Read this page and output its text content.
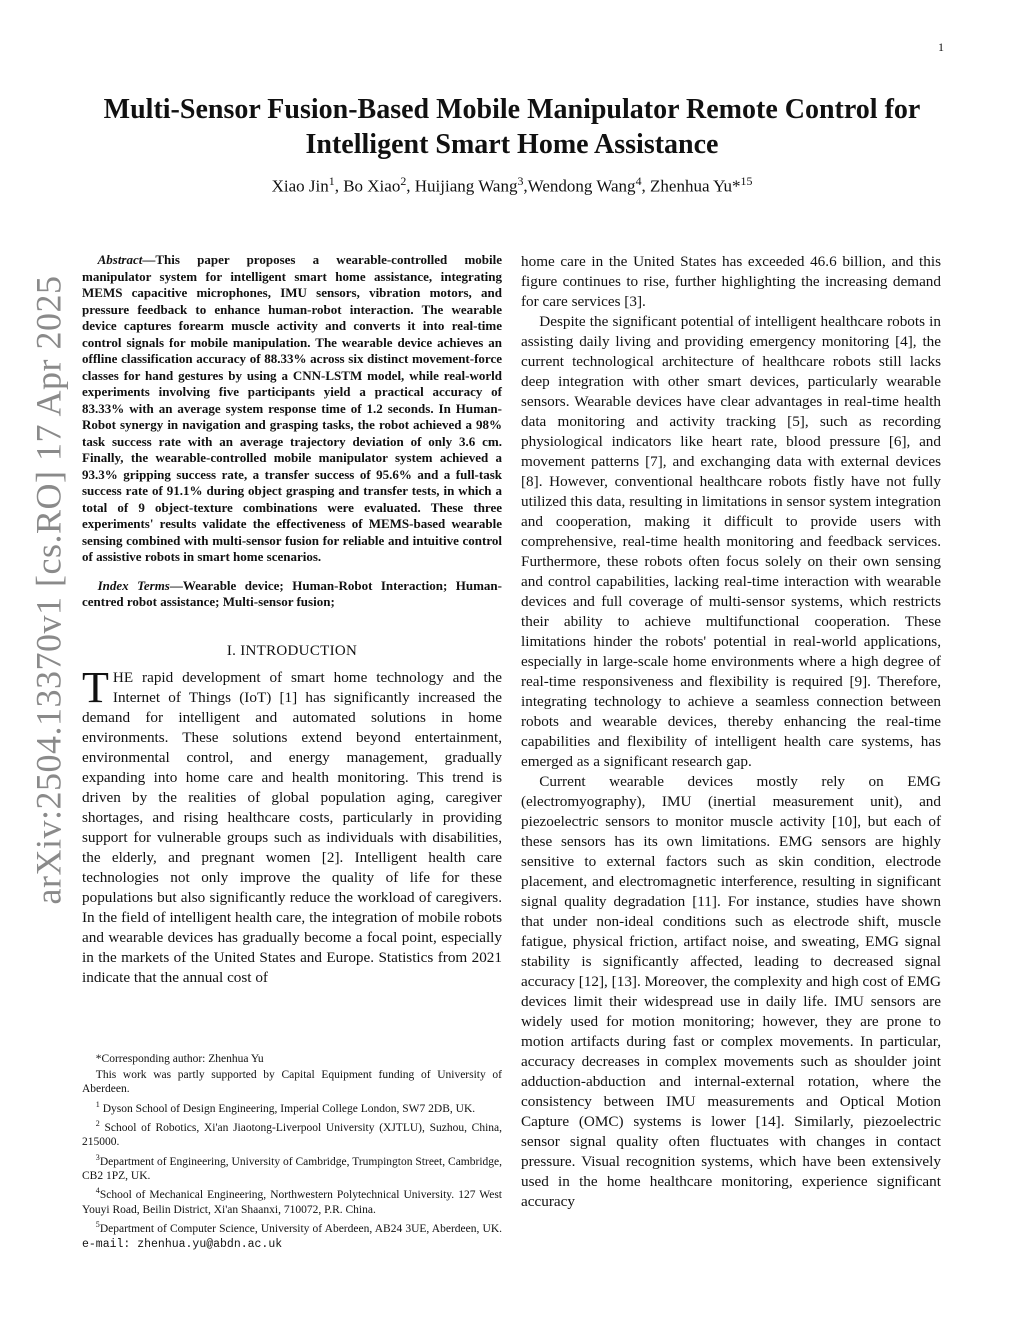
1
arXiv:2504.13370v1 [cs.RO] 17 Apr 2025
Multi-Sensor Fusion-Based Mobile Manipulator Remote Control for Intelligent Smart Home Assistance
Xiao Jin$^1$, Bo Xiao$^2$, Huijiang Wang$^3$,Wendong Wang$^4$, Zhenhua Yu*$^{15}$

Abstract—This paper proposes a wearable-controlled mobile manipulator system for intelligent smart home assistance, integrating MEMS capacitive microphones, IMU sensors, vibration motors, and pressure feedback to enhance human-robot interaction. The wearable device captures forearm muscle activity and converts it into real-time control signals for mobile manipulation. The wearable device achieves an offline classification accuracy of 88.33% across six distinct movement-force classes for hand gestures by using a CNN-LSTM model, while real-world experiments involving five participants yield a practical accuracy of 83.33% with an average system response time of 1.2 seconds. In Human-Robot synergy in navigation and grasping tasks, the robot achieved a 98% task success rate with an average trajectory deviation of only 3.6 cm. Finally, the wearable-controlled mobile manipulator system achieved a 93.3% gripping success rate, a transfer success of 95.6% and a full-task success rate of 91.1% during object grasping and transfer tests, in which a total of 9 object-texture combinations were evaluated. These three experiments' results validate the effectiveness of MEMS-based wearable sensing combined with multi-sensor fusion for reliable and intuitive control of assistive robots in smart home scenarios.

Index Terms—Wearable device; Human-Robot Interaction; Human-centred robot assistance; Multi-sensor fusion;

I. INTRODUCTION

THE rapid development of smart home technology and the Internet of Things (IoT) [1] has significantly increased the demand for intelligent and automated solutions in home environments. These solutions extend beyond entertainment, environmental control, and energy management, gradually expanding into home care and health monitoring. This trend is driven by the realities of global population aging, caregiver shortages, and rising healthcare costs, particularly in providing support for vulnerable groups such as individuals with disabilities, the elderly, and pregnant women [2]. Intelligent health care technologies not only improve the quality of life for these populations but also significantly reduce the workload of caregivers. In the field of intelligent health care, the integration of mobile robots and wearable devices has gradually become a focal point, especially in the markets of the United States and Europe. Statistics from 2021 indicate that the annual cost of

home care in the United States has exceeded 46.6 billion, and this figure continues to rise, further highlighting the increasing demand for care services [3].

Despite the significant potential of intelligent healthcare robots in assisting daily living and providing emergency monitoring [4], the current technological architecture of healthcare robots still lacks deep integration with other smart devices, particularly wearable sensors. Wearable devices have clear advantages in real-time health data monitoring and activity tracking [5], such as recording physiological indicators like heart rate, blood pressure [6], and movement patterns [7], and exchanging data with external devices [8]. However, conventional healthcare robots fistly have not fully utilized this data, resulting in limitations in sensor system integration and cooperation, making it difficult to provide users with comprehensive, real-time health monitoring and feedback services. Furthermore, these robots often focus solely on their own sensing and control capabilities, lacking real-time interaction with wearable devices and full coverage of multi-sensor systems, which restricts their ability to achieve multifunctional cooperation. These limitations hinder the robots' potential in real-world applications, especially in large-scale home environments where a high degree of real-time responsiveness and flexibility is required [9]. Therefore, integrating technology to achieve a seamless connection between robots and wearable devices, thereby enhancing the real-time capabilities and flexibility of intelligent health care systems, has emerged as a significant research gap.

Current wearable devices mostly rely on EMG (electromyography), IMU (inertial measurement unit), and piezoelectric sensors to monitor muscle activity [10], but each of these sensors has its own limitations. EMG sensors are highly sensitive to external factors such as skin condition, electrode placement, and electromagnetic interference, resulting in significant signal quality degradation [11]. For instance, studies have shown that under non-ideal conditions such as electrode shift, muscle fatigue, physical friction, artifact noise, and sweating, EMG signal stability is significantly affected, leading to decreased signal accuracy [12], [13]. Moreover, the complexity and high cost of EMG devices limit their widespread use in daily life. IMU sensors are widely used for motion monitoring; however, they are prone to motion artifacts during fast or complex movements. In particular, accuracy decreases in complex movements such as shoulder joint adduction-abduction and internal-external rotation, where the consistency between IMU measurements and Optical Motion Capture (OMC) systems is lower [14]. Similarly, piezoelectric sensor signal quality often fluctuates with changes in contact pressure. Visual recognition systems, which have been extensively used in the home healthcare monitoring, experience significant accuracy

*Corresponding author: Zhenhua Yu

This work was partly supported by Capital Equipment funding of University of Aberdeen.

$^1$ Dyson School of Design Engineering, Imperial College London, SW7 2DB, UK.

$^2$ School of Robotics, Xi'an Jiaotong-Liverpool University (XJTLU), Suzhou, China, 215000.

$^3$Department of Engineering, University of Cambridge, Trumpington Street, Cambridge, CB2 1PZ, UK.

$^4$School of Mechanical Engineering, Northwestern Polytechnical University. 127 West Youyi Road, Beilin District, Xi'an Shaanxi, 710072, P.R. China.

$^5$Department of Computer Science, University of Aberdeen, AB24 3UE, Aberdeen, UK. e-mail: zhenhua.yu@abdn.ac.uk
